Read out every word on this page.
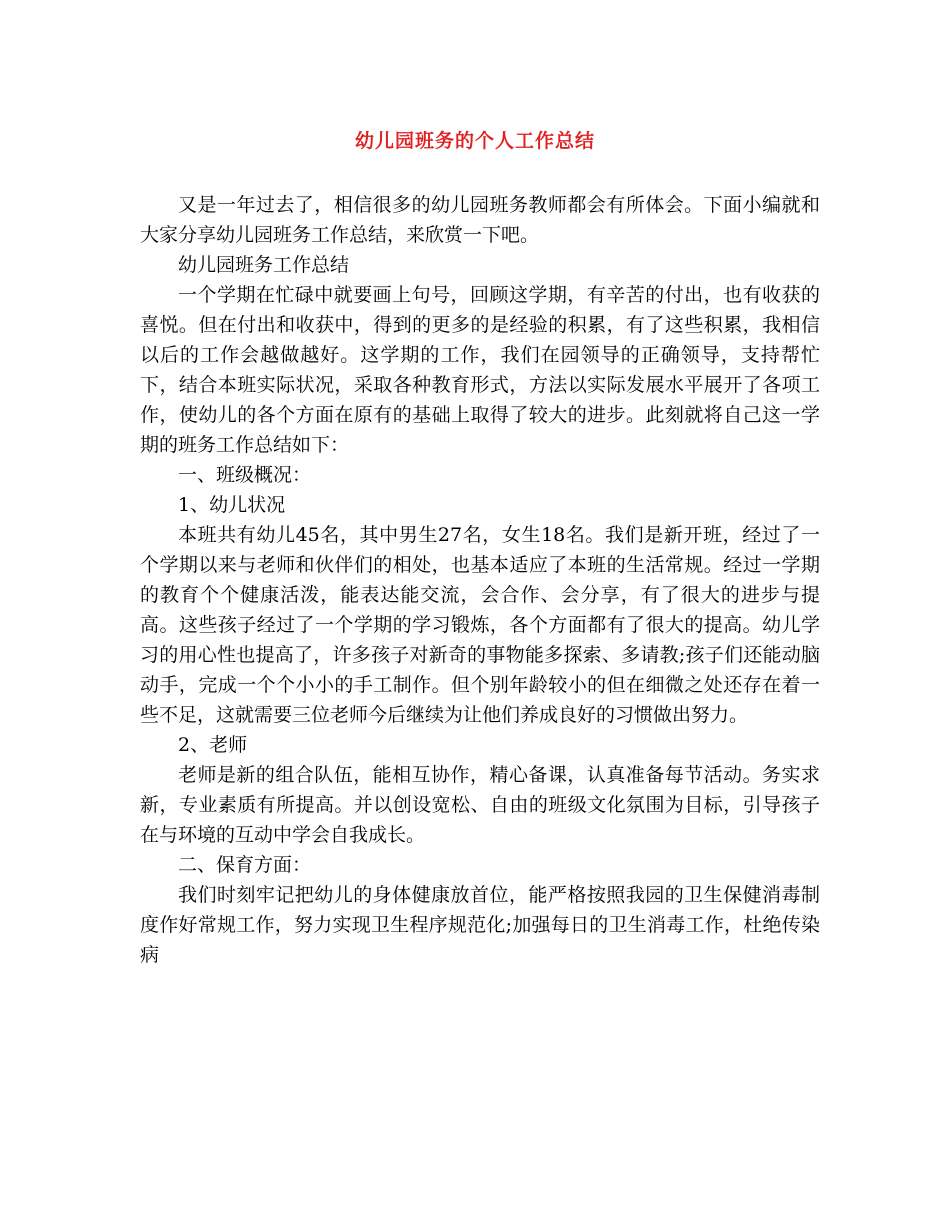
幼儿园班务的个人工作总结

又是一年过去了，相信很多的幼儿园班务教师都会有所体会。下面小编就和大家分享幼儿园班务工作总结，来欣赏一下吧。

幼儿园班务工作总结

一个学期在忙碌中就要画上句号，回顾这学期，有辛苦的付出，也有收获的喜悦。但在付出和收获中，得到的更多的是经验的积累，有了这些积累，我相信以后的工作会越做越好。这学期的工作，我们在园领导的正确领导，支持帮忙下，结合本班实际状况，采取各种教育形式，方法以实际发展水平展开了各项工作，使幼儿的各个方面在原有的基础上取得了较大的进步。此刻就将自己这一学期的班务工作总结如下：

一、班级概况：

1、幼儿状况

本班共有幼儿45名，其中男生27名，女生18名。我们是新开班，经过了一个学期以来与老师和伙伴们的相处，也基本适应了本班的生活常规。经过一学期的教育个个健康活泼，能表达能交流，会合作、会分享，有了很大的进步与提高。这些孩子经过了一个学期的学习锻炼，各个方面都有了很大的提高。幼儿学习的用心性也提高了，许多孩子对新奇的事物能多探索、多请教;孩子们还能动脑动手，完成一个个小小的手工制作。但个别年龄较小的但在细微之处还存在着一些不足，这就需要三位老师今后继续为让他们养成良好的习惯做出努力。

2、老师

老师是新的组合队伍，能相互协作，精心备课，认真准备每节活动。务实求新，专业素质有所提高。并以创设宽松、自由的班级文化氛围为目标，引导孩子在与环境的互动中学会自我成长。

二、保育方面：

我们时刻牢记把幼儿的身体健康放首位，能严格按照我园的卫生保健消毒制度作好常规工作，努力实现卫生程序规范化;加强每日的卫生消毒工作，杜绝传染病
